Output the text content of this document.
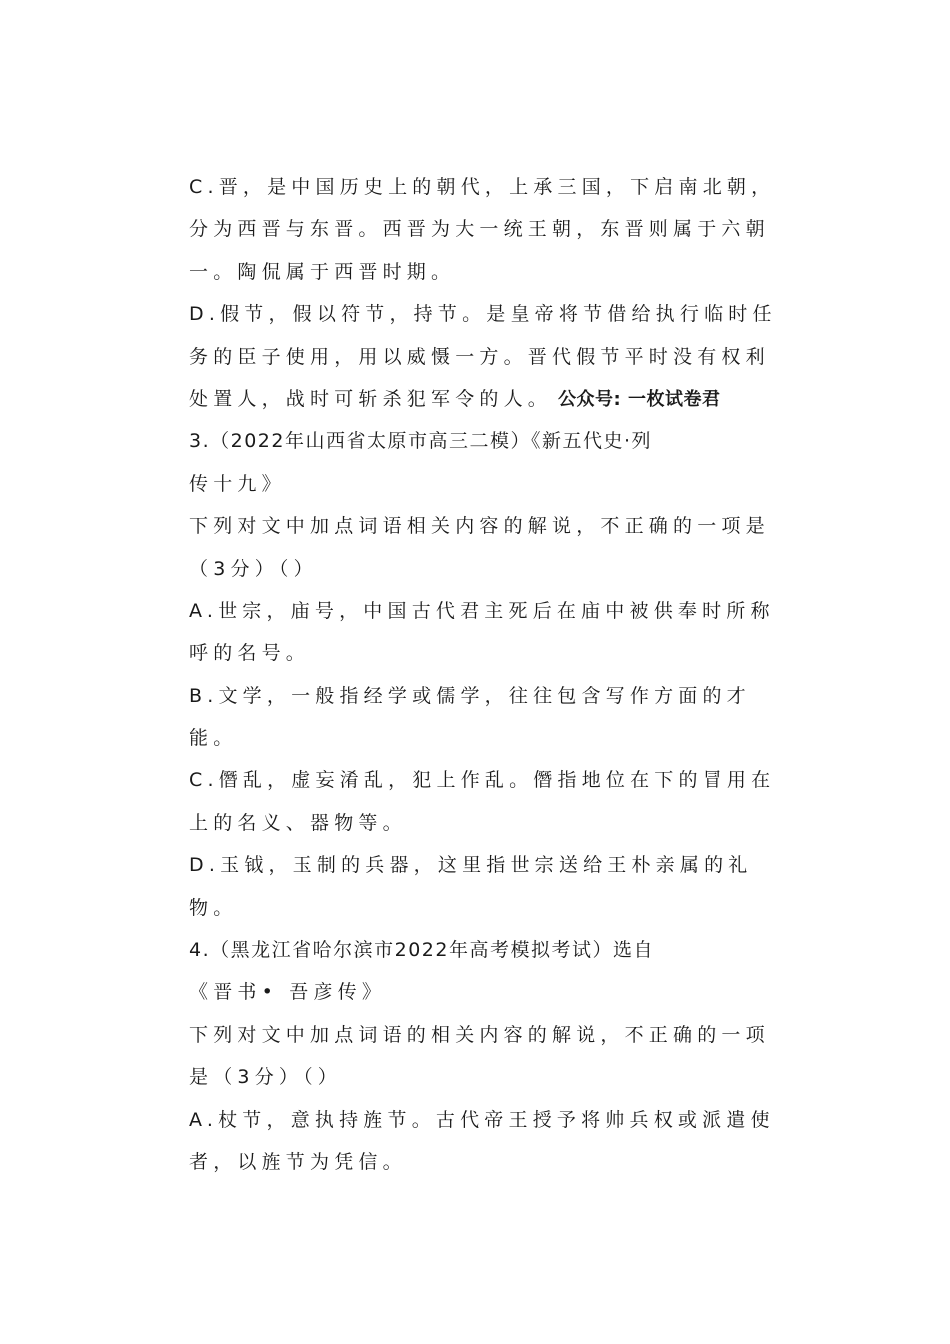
C.晋，是中国历史上的朝代，上承三国，下启南北朝，
分为西晋与东晋。西晋为大一统王朝，东晋则属于六朝
一。陶侃属于西晋时期。
D.假节，假以符节，持节。是皇帝将节借给执行临时任
务的臣子使用，用以威慑一方。晋代假节平时没有权利
处置人，战时可斩杀犯军令的人。 公众号: 一枚试卷君
3.（2022年山西省太原市高三二模）《新五代史·列
传十九》
下列对文中加点词语相关内容的解说，不正确的一项是
（3分）（）
A.世宗，庙号，中国古代君主死后在庙中被供奉时所称
呼的名号。
B.文学，一般指经学或儒学，往往包含写作方面的才
能。
C.僭乱，虚妄淆乱，犯上作乱。僭指地位在下的冒用在
上的名义、器物等。
D.玉钺，玉制的兵器，这里指世宗送给王朴亲属的礼
物。
4.（黑龙江省哈尔滨市2022年高考模拟考试）选自
《晋书• 吾彦传》
下列对文中加点词语的相关内容的解说，不正确的一项
是（3分）（）
A.杖节，意执持旌节。古代帝王授予将帅兵权或派遣使
者，以旌节为凭信。
